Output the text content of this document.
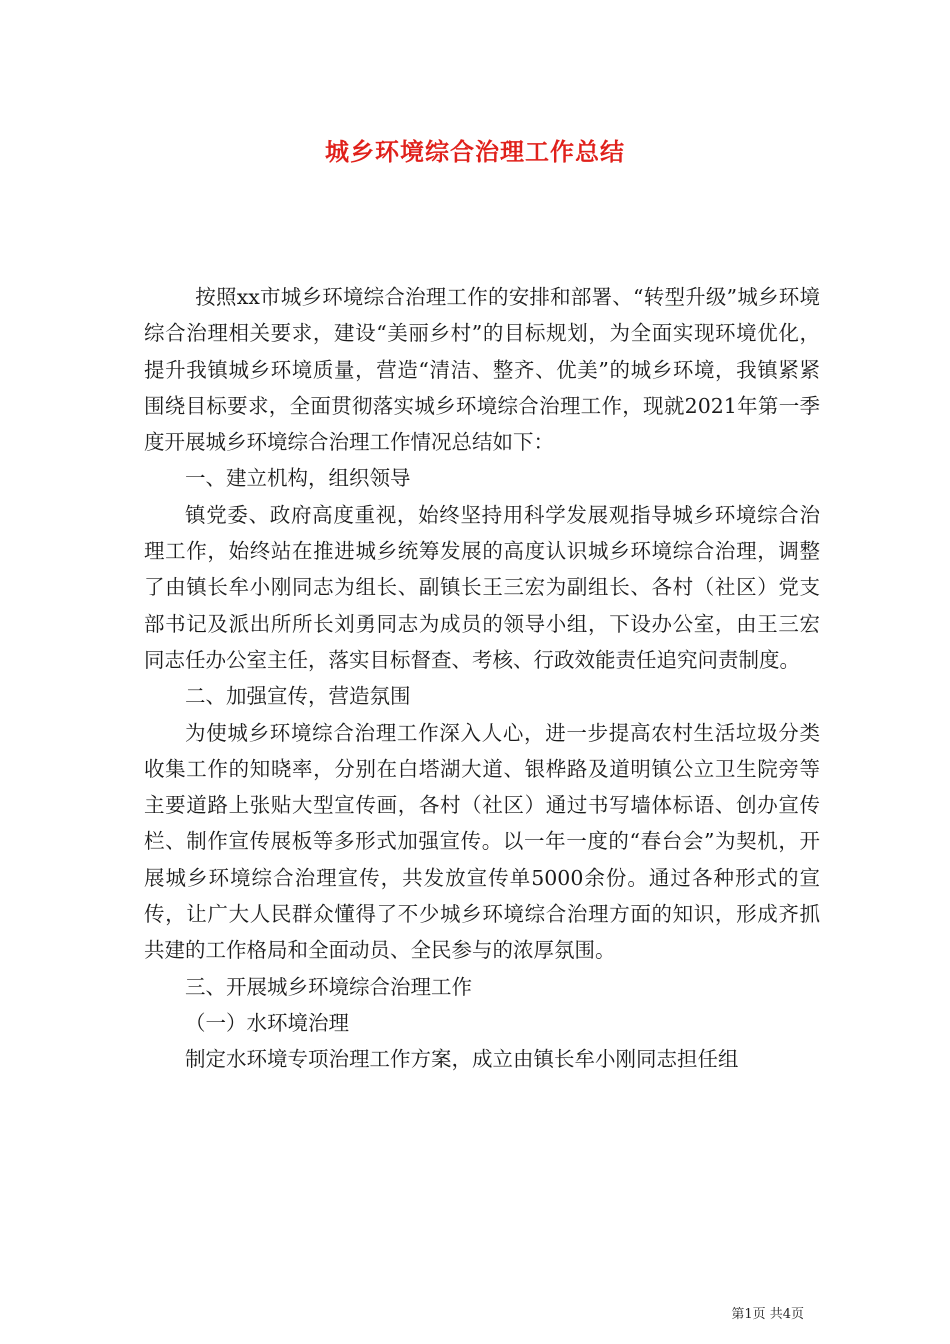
城乡环境综合治理工作总结

按照xx市城乡环境综合治理工作的安排和部署、“转型升级”城乡环境综合治理相关要求，建设“美丽乡村”的目标规划，为全面实现环境优化，提升我镇城乡环境质量，营造“清洁、整齐、优美”的城乡环境，我镇紧紧围绕目标要求，全面贯彻落实城乡环境综合治理工作，现就2021年第一季度开展城乡环境综合治理工作情况总结如下：

一、建立机构，组织领导

镇党委、政府高度重视，始终坚持用科学发展观指导城乡环境综合治理工作，始终站在推进城乡统筹发展的高度认识城乡环境综合治理，调整了由镇长牟小刚同志为组长、副镇长王三宏为副组长、各村（社区）党支部书记及派出所所长刘勇同志为成员的领导小组，下设办公室，由王三宏同志任办公室主任，落实目标督查、考核、行政效能责任追究问责制度。

二、加强宣传，营造氛围

为使城乡环境综合治理工作深入人心，进一步提高农村生活垃圾分类收集工作的知晓率，分别在白塔湖大道、银桦路及道明镇公立卫生院旁等主要道路上张贴大型宣传画，各村（社区）通过书写墙体标语、创办宣传栏、制作宣传展板等多形式加强宣传。以一年一度的“春台会”为契机，开展城乡环境综合治理宣传，共发放宣传单5000余份。通过各种形式的宣传，让广大人民群众懂得了不少城乡环境综合治理方面的知识，形成齐抓共建的工作格局和全面动员、全民参与的浓厚氛围。

三、开展城乡环境综合治理工作

（一）水环境治理

制定水环境专项治理工作方案，成立由镇长牟小刚同志担任组

第1页 共4页
